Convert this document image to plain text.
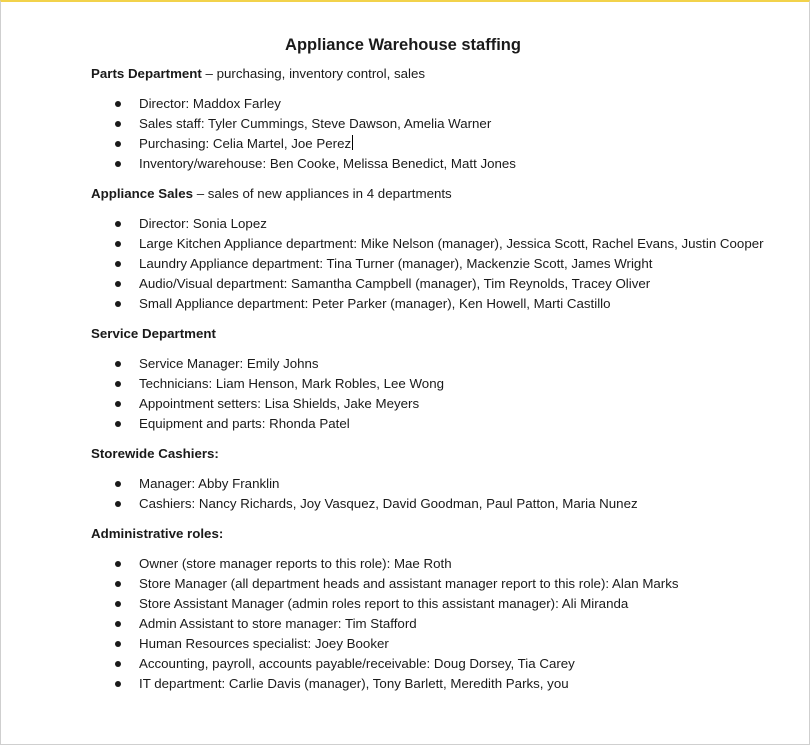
Appliance Warehouse staffing

Parts Department – purchasing, inventory control, sales

Director: Maddox Farley
Sales staff: Tyler Cummings, Steve Dawson, Amelia Warner
Purchasing: Celia Martel, Joe Perez
Inventory/warehouse: Ben Cooke, Melissa Benedict, Matt Jones

Appliance Sales – sales of new appliances in 4 departments

Director: Sonia Lopez
Large Kitchen Appliance department: Mike Nelson (manager), Jessica Scott, Rachel Evans, Justin Cooper
Laundry Appliance department: Tina Turner (manager), Mackenzie Scott, James Wright
Audio/Visual department: Samantha Campbell (manager), Tim Reynolds, Tracey Oliver
Small Appliance department: Peter Parker (manager), Ken Howell, Marti Castillo

Service Department

Service Manager: Emily Johns
Technicians: Liam Henson, Mark Robles, Lee Wong
Appointment setters: Lisa Shields, Jake Meyers
Equipment and parts: Rhonda Patel

Storewide Cashiers:

Manager: Abby Franklin
Cashiers: Nancy Richards, Joy Vasquez, David Goodman, Paul Patton, Maria Nunez

Administrative roles:

Owner (store manager reports to this role): Mae Roth
Store Manager (all department heads and assistant manager report to this role): Alan Marks
Store Assistant Manager (admin roles report to this assistant manager): Ali Miranda
Admin Assistant to store manager: Tim Stafford
Human Resources specialist: Joey Booker
Accounting, payroll, accounts payable/receivable: Doug Dorsey, Tia Carey
IT department: Carlie Davis (manager), Tony Barlett, Meredith Parks, you
